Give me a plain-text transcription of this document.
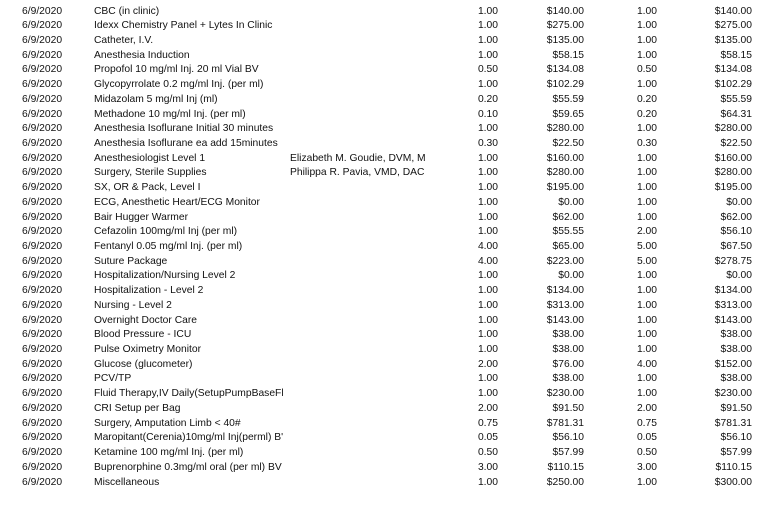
6/9/2020	CBC (in clinic)	1.00	$140.00	1.00	$140.00
6/9/2020	Idexx Chemistry Panel + Lytes In Clinic	1.00	$275.00	1.00	$275.00
6/9/2020	Catheter, I.V.	1.00	$135.00	1.00	$135.00
6/9/2020	Anesthesia Induction	1.00	$58.15	1.00	$58.15
6/9/2020	Propofol 10 mg/ml Inj. 20 ml Vial BV	0.50	$134.08	0.50	$134.08
6/9/2020	Glycopyrrolate 0.2 mg/ml Inj. (per ml)	1.00	$102.29	1.00	$102.29
6/9/2020	Midazolam 5 mg/ml Inj (ml)	0.20	$55.59	0.20	$55.59
6/9/2020	Methadone 10 mg/ml Inj. (per ml)	0.10	$59.65	0.20	$64.31
6/9/2020	Anesthesia Isoflurane Initial 30 minutes	1.00	$280.00	1.00	$280.00
6/9/2020	Anesthesia Isoflurane ea add 15minutes	0.30	$22.50	0.30	$22.50
6/9/2020	Anesthesiologist Level 1	Elizabeth M. Goudie, DVM, M	1.00	$160.00	1.00	$160.00
6/9/2020	Surgery, Sterile Supplies	Philippa R. Pavia, VMD, DAC	1.00	$280.00	1.00	$280.00
6/9/2020	SX, OR & Pack, Level I	1.00	$195.00	1.00	$195.00
6/9/2020	ECG, Anesthetic Heart/ECG Monitor	1.00	$0.00	1.00	$0.00
6/9/2020	Bair Hugger Warmer	1.00	$62.00	1.00	$62.00
6/9/2020	Cefazolin 100mg/ml Inj (per ml)	1.00	$55.55	2.00	$56.10
6/9/2020	Fentanyl 0.05 mg/ml Inj. (per ml)	4.00	$65.00	5.00	$67.50
6/9/2020	Suture Package	4.00	$223.00	5.00	$278.75
6/9/2020	Hospitalization/Nursing Level 2	1.00	$0.00	1.00	$0.00
6/9/2020	Hospitalization - Level 2	1.00	$134.00	1.00	$134.00
6/9/2020	Nursing - Level 2	1.00	$313.00	1.00	$313.00
6/9/2020	Overnight Doctor Care	1.00	$143.00	1.00	$143.00
6/9/2020	Blood Pressure - ICU	1.00	$38.00	1.00	$38.00
6/9/2020	Pulse Oximetry Monitor	1.00	$38.00	1.00	$38.00
6/9/2020	Glucose (glucometer)	2.00	$76.00	4.00	$152.00
6/9/2020	PCV/TP	1.00	$38.00	1.00	$38.00
6/9/2020	Fluid Therapy,IV Daily(SetupPumpBaseFl	1.00	$230.00	1.00	$230.00
6/9/2020	CRI Setup per Bag	2.00	$91.50	2.00	$91.50
6/9/2020	Surgery, Amputation Limb < 40#	0.75	$781.31	0.75	$781.31
6/9/2020	Maropitant(Cerenia)10mg/ml Inj(perml) B'	0.05	$56.10	0.05	$56.10
6/9/2020	Ketamine 100 mg/ml Inj. (per ml)	0.50	$57.99	0.50	$57.99
6/9/2020	Buprenorphine 0.3mg/ml oral (per ml) BV	3.00	$110.15	3.00	$110.15
6/9/2020	Miscellaneous	1.00	$250.00	1.00	$300.00
